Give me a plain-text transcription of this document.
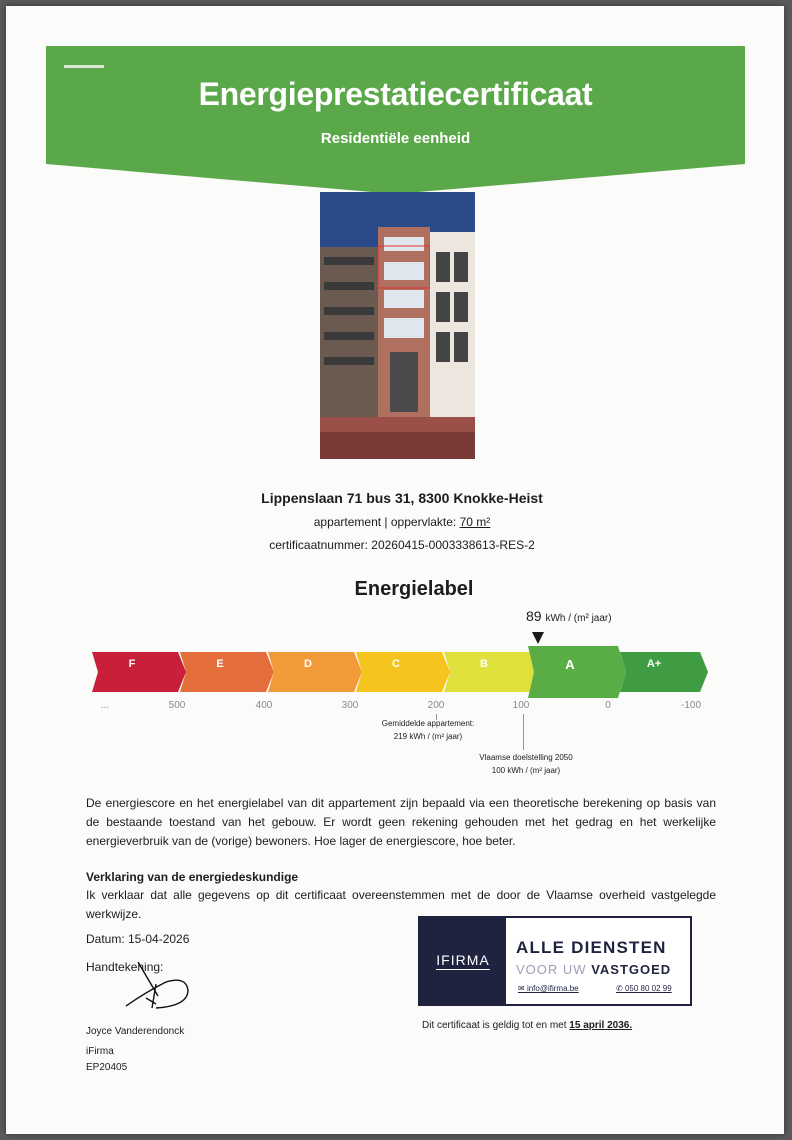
Energieprestatiecertificaat
Residentiële eenheid
Lippenslaan 71 bus 31, 8300 Knokke-Heist
appartement | oppervlakte: 70 m²
certificaatnummer: 20260415-0003338613-RES-2
Energielabel
89 kWh / (m² jaar)
F	E	D	C	B	A	A+
...	500	400	300	200	100	0	-100
Gemiddelde appartement:
219 kWh / (m² jaar)
Vlaamse doelstelling 2050
100 kWh / (m² jaar)
De energiescore en het energielabel van dit appartement zijn bepaald via een theoretische berekening op basis van de bestaande toestand van het gebouw. Er wordt geen rekening gehouden met het gedrag en het werkelijke energieverbruik van de (vorige) bewoners. Hoe lager de energiescore, hoe beter.
Verklaring van de energiedeskundige
Ik verklaar dat alle gegevens op dit certificaat overeenstemmen met de door de Vlaamse overheid vastgelegde werkwijze.
Datum: 15-04-2026
Handtekening:
Joyce Vanderendonck
iFirma
EP20405
IFIRMA
ALLE DIENSTEN
VOOR UW VASTGOED
✉ info@ifirma.be	✆ 050 80 02 99
Dit certificaat is geldig tot en met 15 april 2036.
